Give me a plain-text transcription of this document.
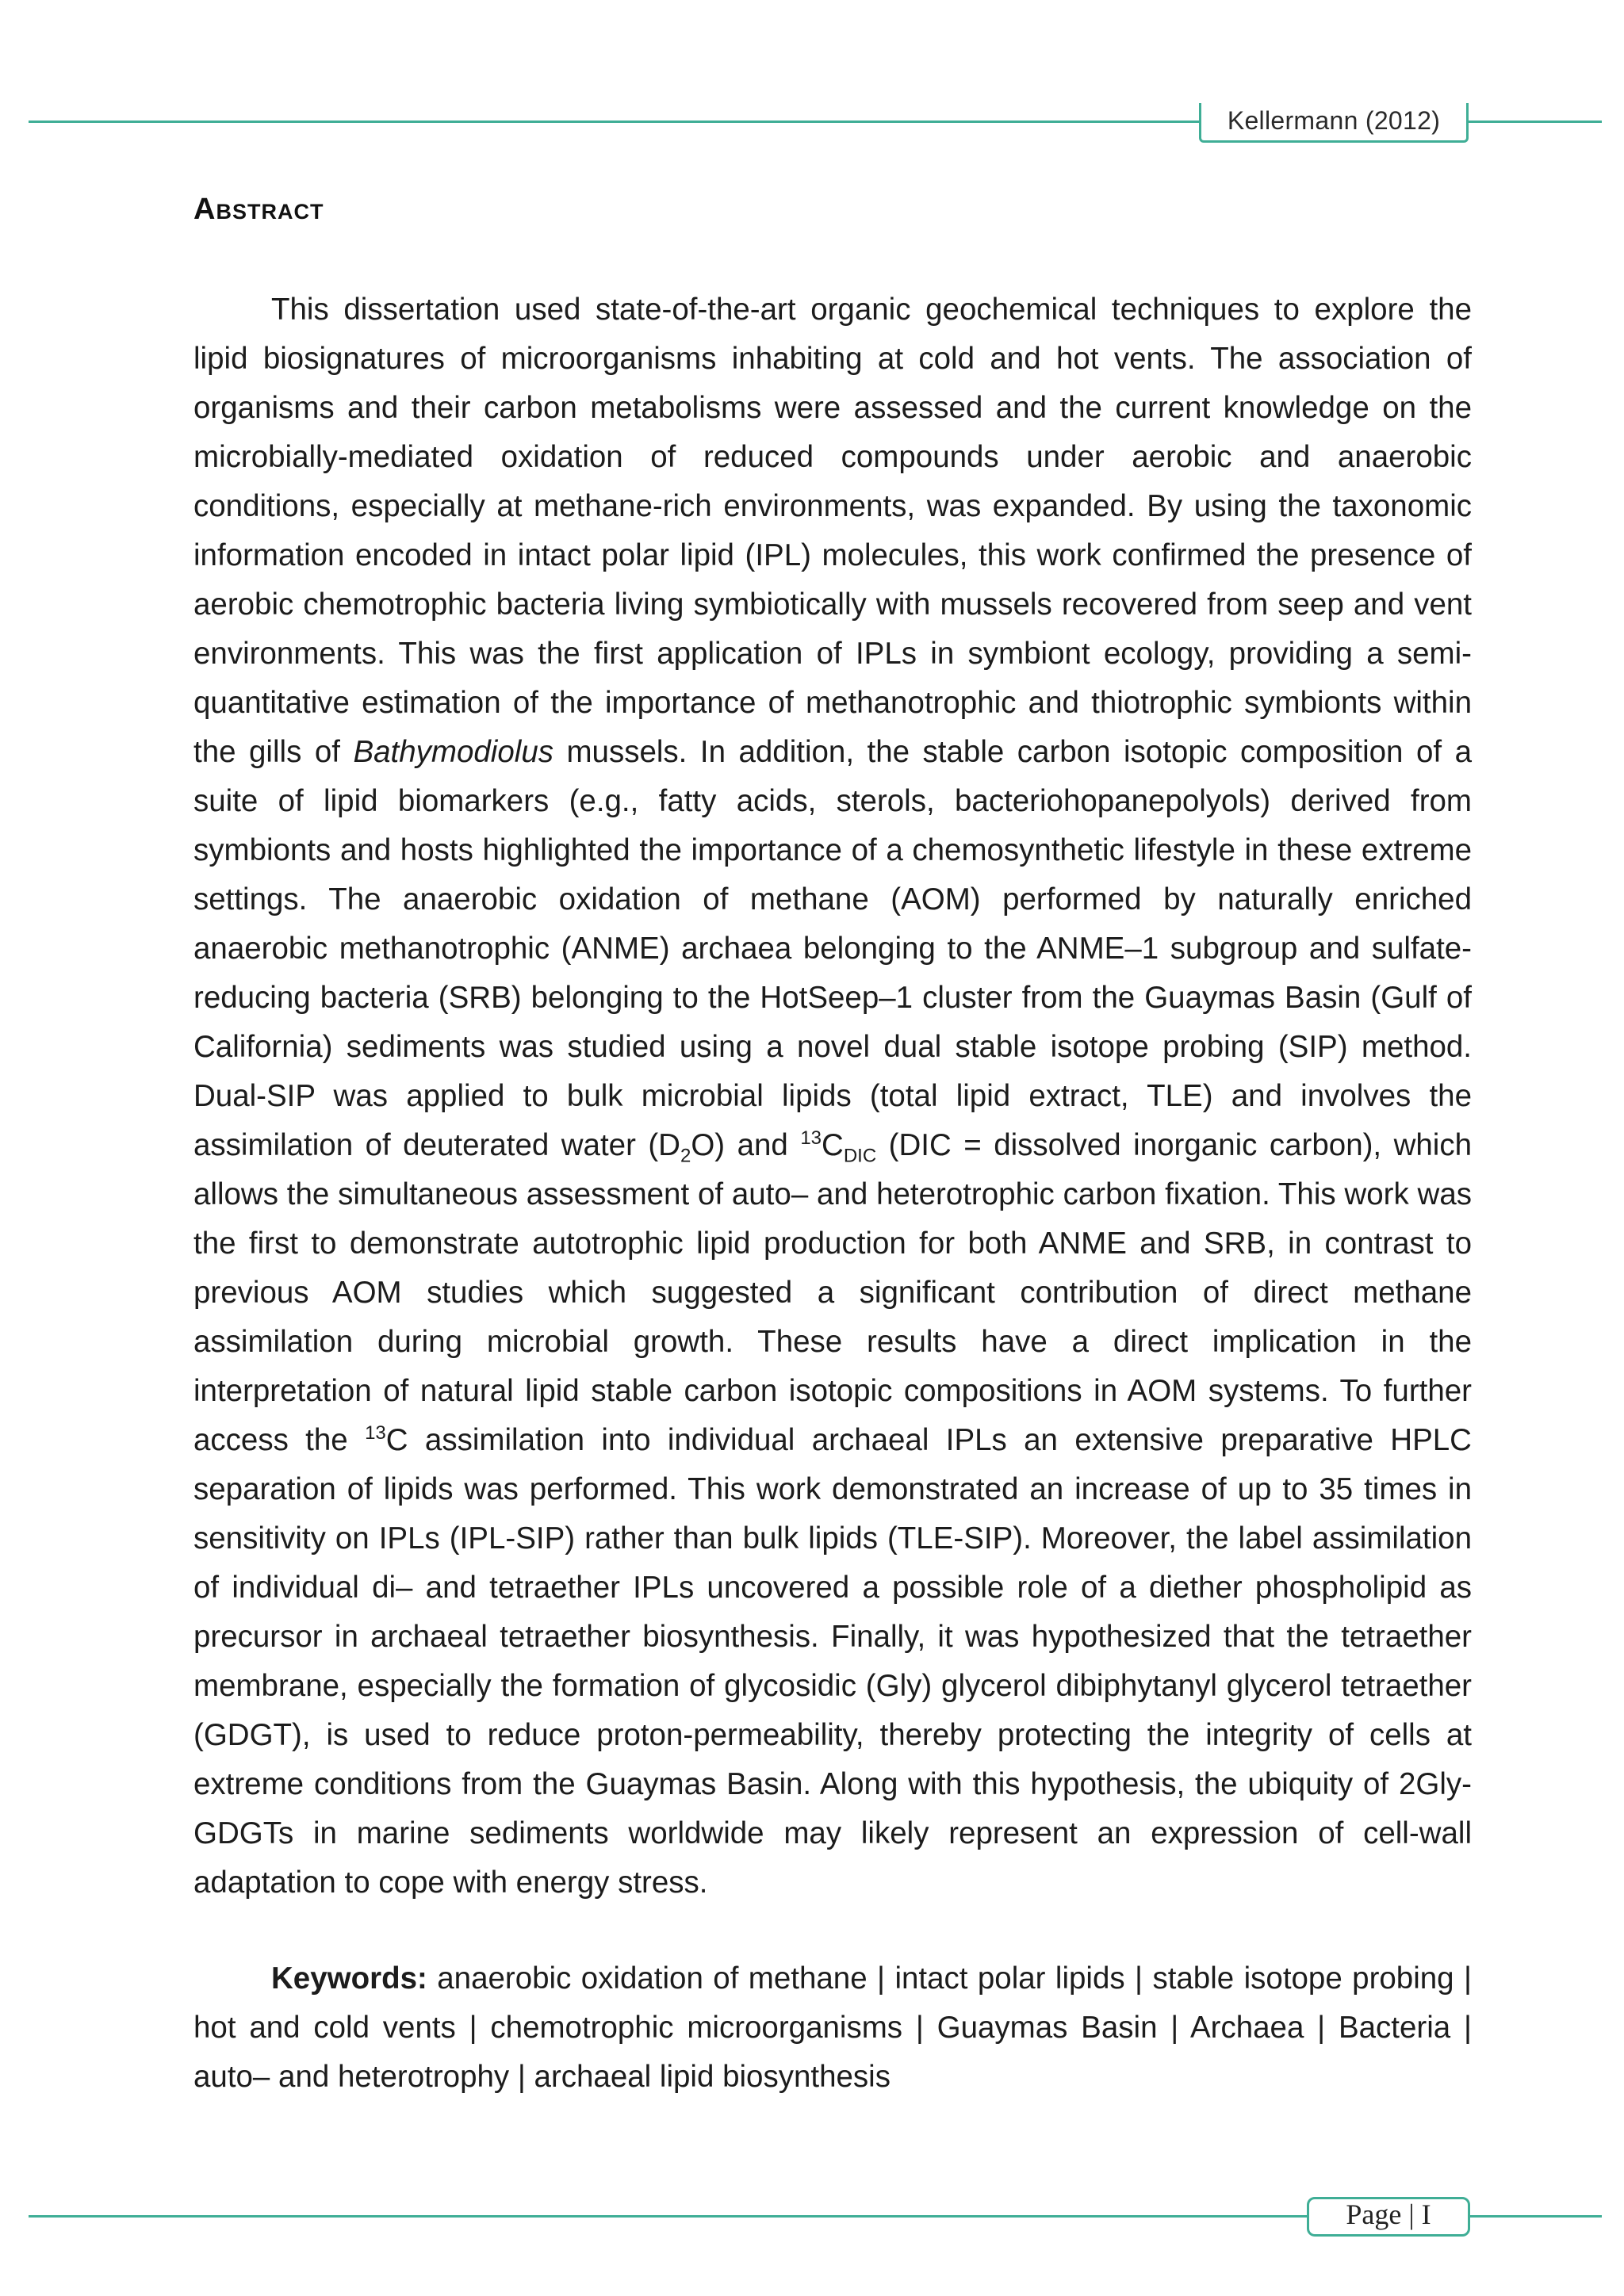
Kellermann (2012)
Abstract

This dissertation used state-of-the-art organic geochemical techniques to explore the lipid biosignatures of microorganisms inhabiting at cold and hot vents. The association of organisms and their carbon metabolisms were assessed and the current knowledge on the microbially-mediated oxidation of reduced compounds under aerobic and anaerobic conditions, especially at methane-rich environments, was expanded. By using the taxonomic information encoded in intact polar lipid (IPL) molecules, this work confirmed the presence of aerobic chemotrophic bacteria living symbiotically with mussels recovered from seep and vent environments. This was the first application of IPLs in symbiont ecology, providing a semi-quantitative estimation of the importance of methanotrophic and thiotrophic symbionts within the gills of Bathymodiolus mussels. In addition, the stable carbon isotopic composition of a suite of lipid biomarkers (e.g., fatty acids, sterols, bacteriohopanepolyols) derived from symbionts and hosts highlighted the importance of a chemosynthetic lifestyle in these extreme settings. The anaerobic oxidation of methane (AOM) performed by naturally enriched anaerobic methanotrophic (ANME) archaea belonging to the ANME–1 subgroup and sulfate-reducing bacteria (SRB) belonging to the HotSeep–1 cluster from the Guaymas Basin (Gulf of California) sediments was studied using a novel dual stable isotope probing (SIP) method. Dual-SIP was applied to bulk microbial lipids (total lipid extract, TLE) and involves the assimilation of deuterated water $(D_2O)$ and $^{13}C_{DIC}$ (DIC = dissolved inorganic carbon), which allows the simultaneous assessment of auto– and heterotrophic carbon fixation. This work was the first to demonstrate autotrophic lipid production for both ANME and SRB, in contrast to previous AOM studies which suggested a significant contribution of direct methane assimilation during microbial growth. These results have a direct implication in the interpretation of natural lipid stable carbon isotopic compositions in AOM systems. To further access the $^{13}$C assimilation into individual archaeal IPLs an extensive preparative HPLC separation of lipids was performed. This work demonstrated an increase of up to 35 times in sensitivity on IPLs (IPL-SIP) rather than bulk lipids (TLE-SIP). Moreover, the label assimilation of individual di– and tetraether IPLs uncovered a possible role of a diether phospholipid as precursor in archaeal tetraether biosynthesis. Finally, it was hypothesized that the tetraether membrane, especially the formation of glycosidic (Gly) glycerol dibiphytanyl glycerol tetraether (GDGT), is used to reduce proton-permeability, thereby protecting the integrity of cells at extreme conditions from the Guaymas Basin. Along with this hypothesis, the ubiquity of 2Gly-GDGTs in marine sediments worldwide may likely represent an expression of cell-wall adaptation to cope with energy stress.

Keywords: anaerobic oxidation of methane | intact polar lipids | stable isotope probing | hot and cold vents | chemotrophic microorganisms | Guaymas Basin | Archaea | Bacteria | auto– and heterotrophy | archaeal lipid biosynthesis

Page | I
